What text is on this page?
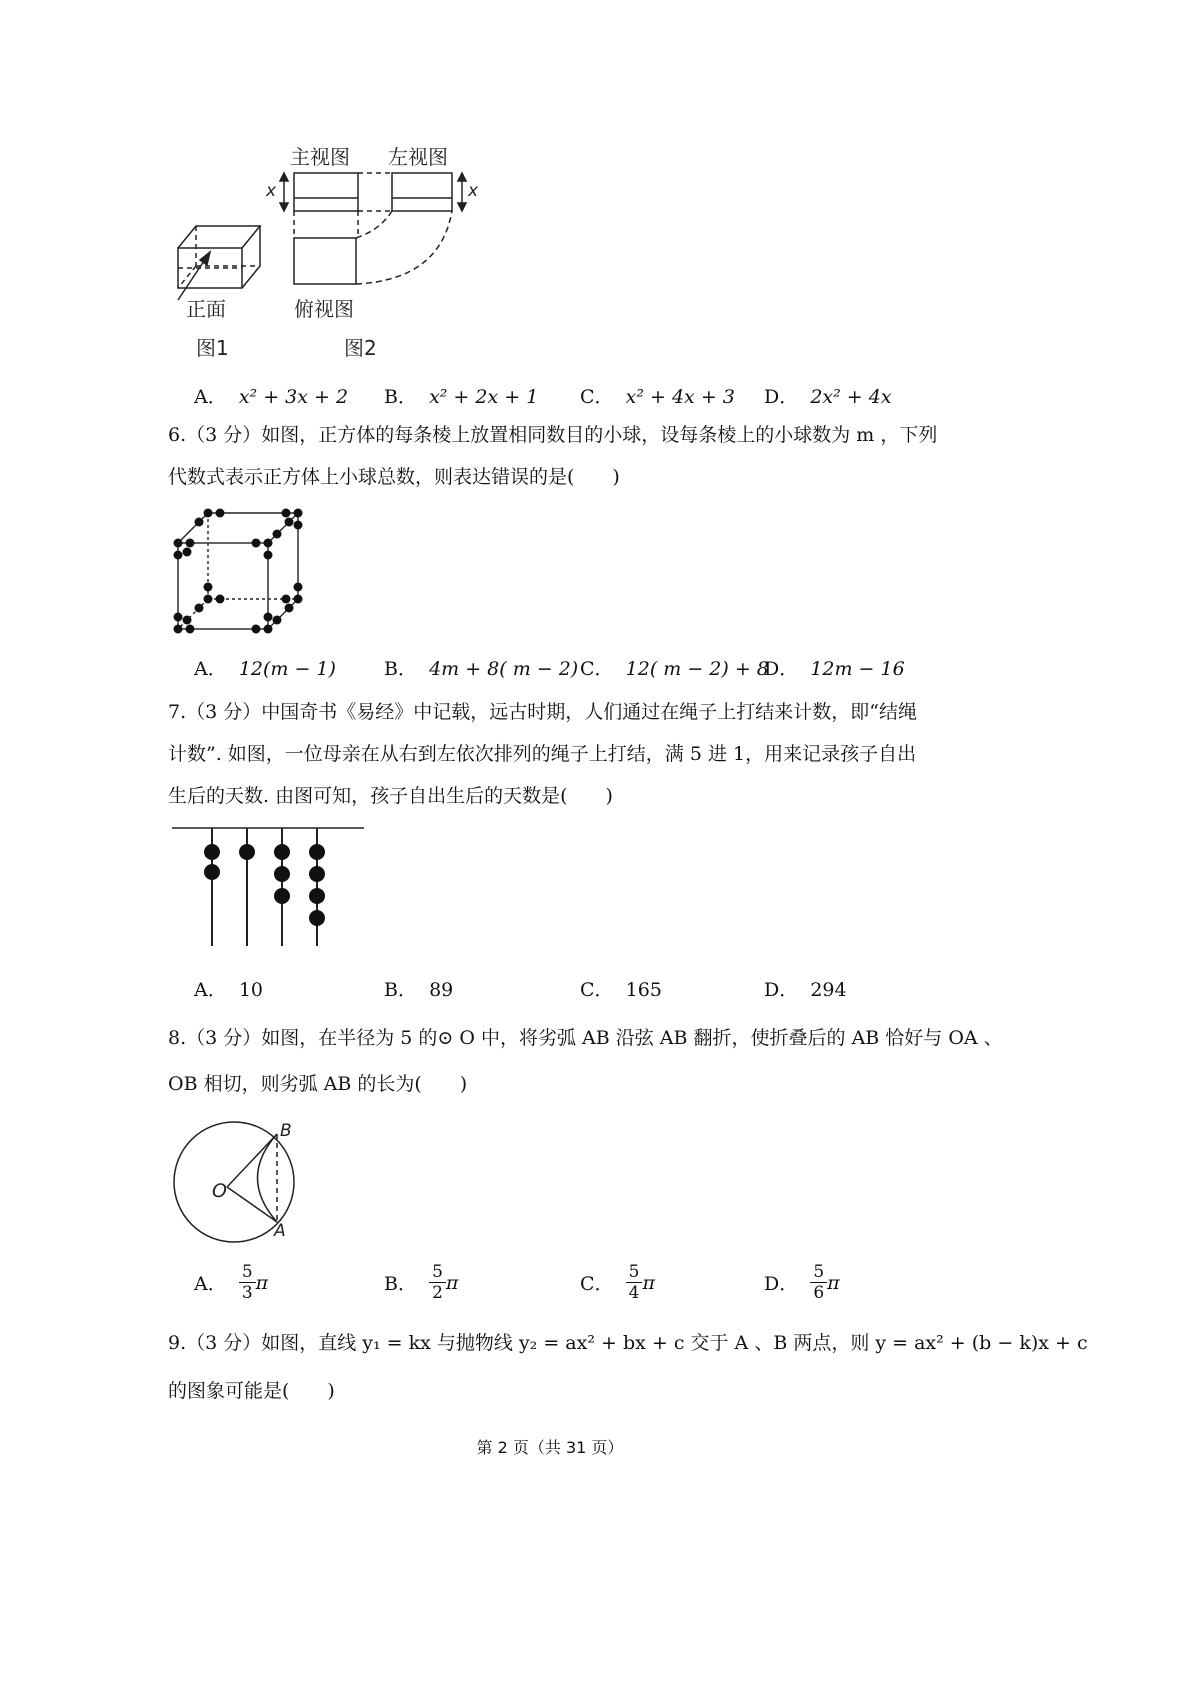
主视图 左视图
x	x
俯视图
正面
图1	图2
A． x² + 3x + 2 B． x² + 2x + 1 C． x² + 4x + 3 D． 2x² + 4x
6.（3 分）如图，正方体的每条棱上放置相同数目的小球，设每条棱上的小球数为 m ，下列
代数式表示正方体上小球总数，则表达错误的是(　　)
A． 12(m − 1)	B． 4m + 8( m − 2) C． 12( m − 2) + 8
D． 12m − 16
7.（3 分）中国奇书《易经》中记载，远古时期，人们通过在绳子上打结来计数，即“结绳
计数”. 如图，一位母亲在从右到左依次排列的绳子上打结，满 5 进 1，用来记录孩子自出
生后的天数. 由图可知，孩子自出生后的天数是(　　)
A． 10	B． 89	C． 165	D． 294
8.（3 分）如图，在半径为 5 的⊙ O 中，将劣弧 AB 沿弦 AB 翻折，使折叠后的 AB 恰好与 OA 、
OB 相切，则劣弧 AB 的长为(　　)
O
B
A
A．

5
3 π	B．

5
2 π	C．

5
4 π	D．

5
6 π
9.（3 分）如图，直线 y₁ = kx 与抛物线 y₂ = ax² + bx + c 交于 A 、B 两点，则 y = ax² + (b − k)x + c
的图象可能是(　　)
第 2 页（共 31 页）
